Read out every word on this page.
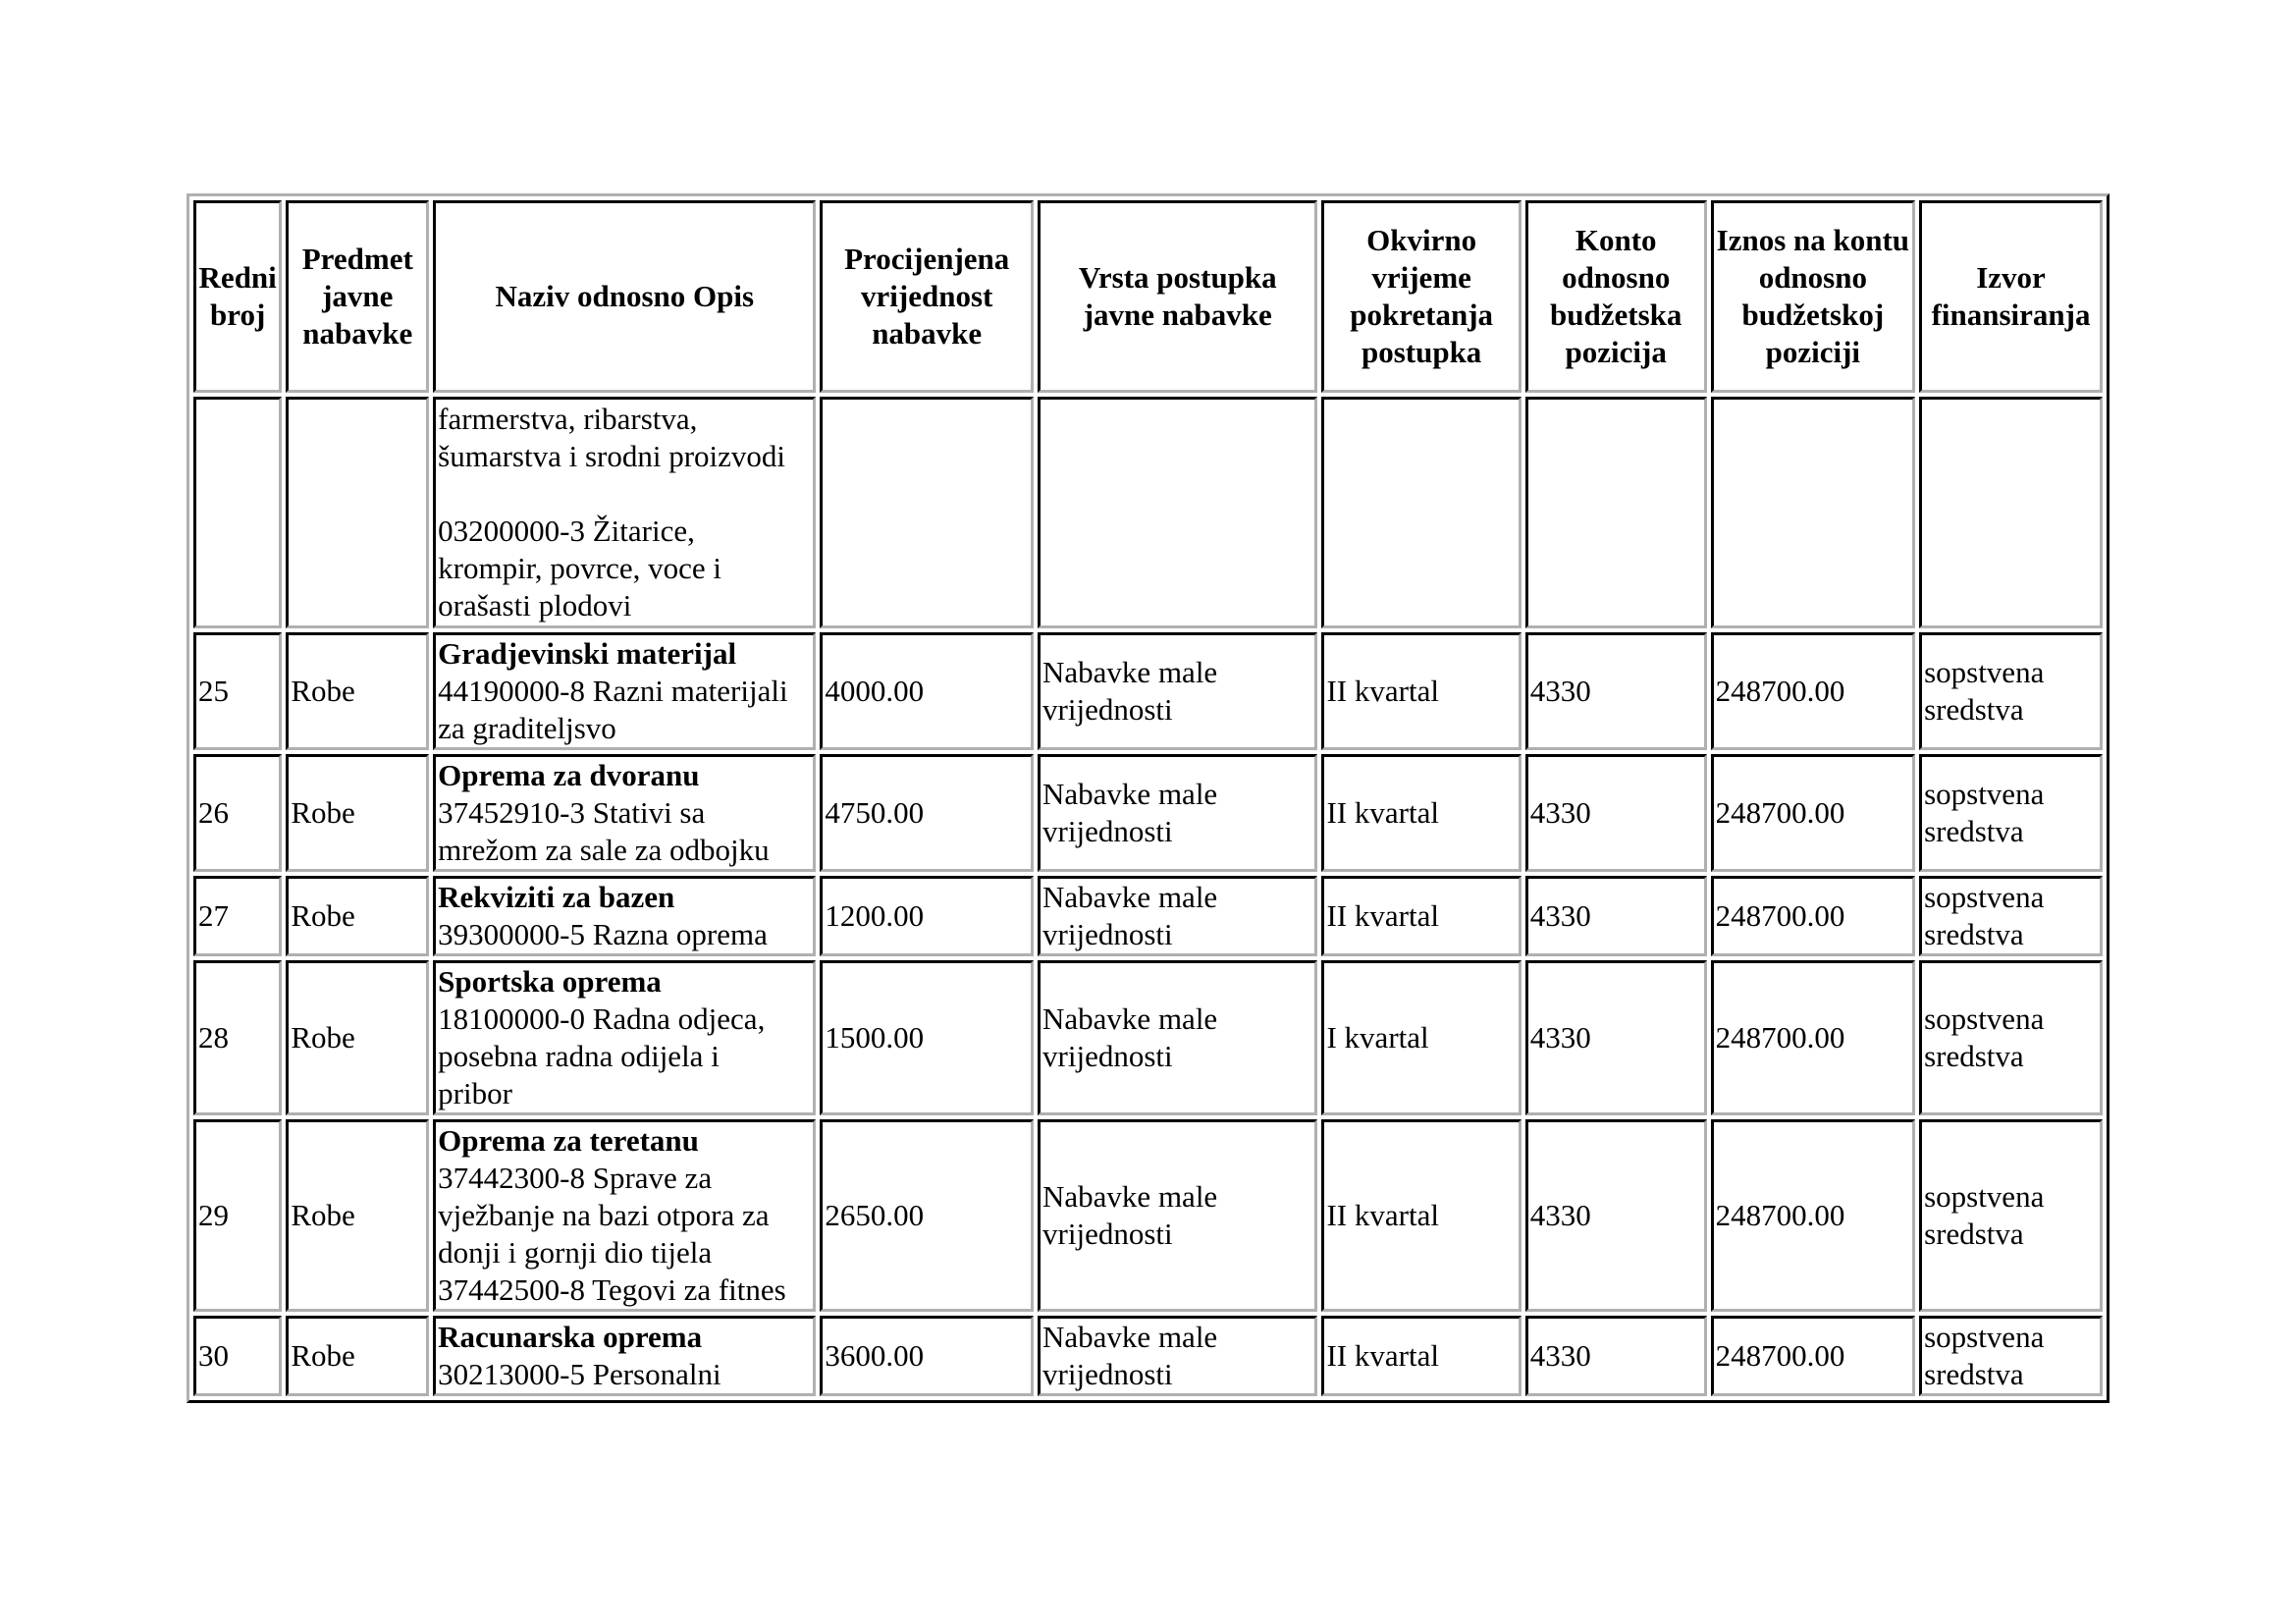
Redni broj	Predmet javne nabavke	Naziv odnosno Opis	Procijenjena vrijednost nabavke	Vrsta postupka javne nabavke	Okvirno vrijeme pokretanja postupka	Konto odnosno budžetska pozicija	Iznos na kontu odnosno budžetskoj poziciji	Izvor finansiranja

		farmerstva, ribarstva,
šumarstva i srodni proizvodi
03200000-3 Žitarice,
krompir, povrce, voce i
orašasti plodovi						

25	Robe	Gradjevinski materijal
44190000-8 Razni materijali
za graditeljsvo	4000.00	Nabavke male vrijednosti	II kvartal	4330	248700.00	sopstvena sredstva
26	Robe	Oprema za dvoranu
37452910-3 Stativi sa
mrežom za sale za odbojku	4750.00	Nabavke male vrijednosti	II kvartal	4330	248700.00	sopstvena sredstva
27	Robe	Rekviziti za bazen
39300000-5 Razna oprema	1200.00	Nabavke male vrijednosti	II kvartal	4330	248700.00	sopstvena sredstva
28	Robe	Sportska oprema
18100000-0 Radna odjeca,
posebna radna odijela i
pribor	1500.00	Nabavke male vrijednosti	I kvartal	4330	248700.00	sopstvena sredstva
29	Robe	Oprema za teretanu
37442300-8 Sprave za
vježbanje na bazi otpora za
donji i gornji dio tijela
37442500-8 Tegovi za fitnes	2650.00	Nabavke male vrijednosti	II kvartal	4330	248700.00	sopstvena sredstva
30	Robe	Racunarska oprema
30213000-5 Personalni	3600.00	Nabavke male vrijednosti	II kvartal	4330	248700.00	sopstvena sredstva
